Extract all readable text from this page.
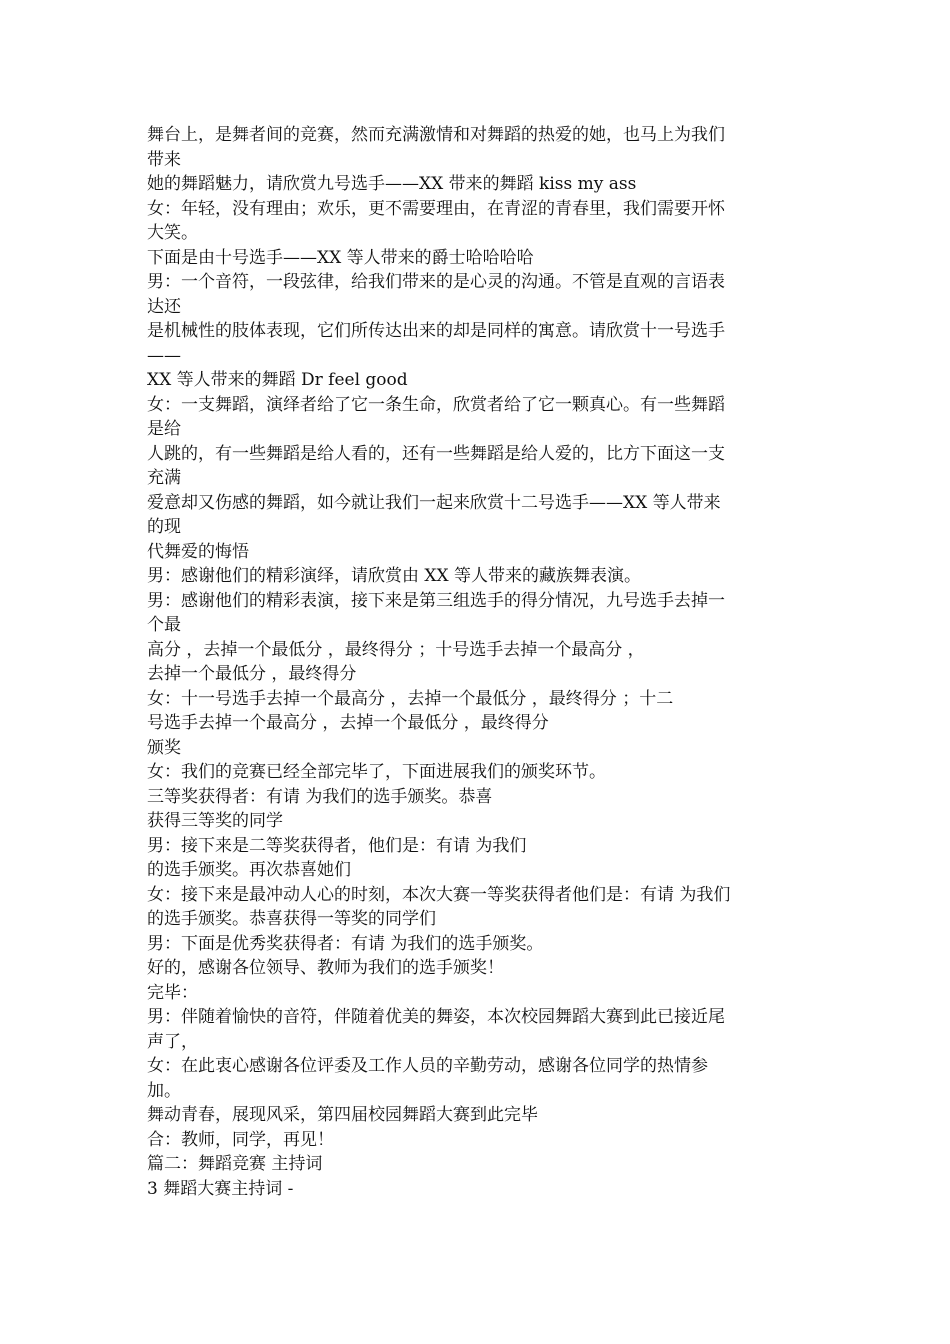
舞台上，是舞者间的竞赛，然而充满激情和对舞蹈的热爱的她，也马上为我们
带来
她的舞蹈魅力，请欣赏九号选手——XX 带来的舞蹈 kiss my ass
女：年轻，没有理由；欢乐，更不需要理由，在青涩的青春里，我们需要开怀
大笑。
下面是由十号选手——XX 等人带来的爵士哈哈哈哈
男：一个音符，一段弦律，给我们带来的是心灵的沟通。不管是直观的言语表
达还
是机械性的肢体表现，它们所传达出来的却是同样的寓意。请欣赏十一号选手
——
XX 等人带来的舞蹈 Dr feel good
女：一支舞蹈，演绎者给了它一条生命，欣赏者给了它一颗真心。有一些舞蹈
是给
人跳的，有一些舞蹈是给人看的，还有一些舞蹈是给人爱的，比方下面这一支
充满
爱意却又伤感的舞蹈，如今就让我们一起来欣赏十二号选手——XX 等人带来
的现
代舞爱的悔悟
男：感谢他们的精彩演绎，请欣赏由 XX 等人带来的藏族舞表演。
男：感谢他们的精彩表演，接下来是第三组选手的得分情况，九号选手去掉一
个最
高分 ，去掉一个最低分 ，最终得分 ；十号选手去掉一个最高分 ，
去掉一个最低分 ，最终得分
女：十一号选手去掉一个最高分 ，去掉一个最低分 ，最终得分 ；十二
号选手去掉一个最高分 ，去掉一个最低分 ，最终得分
颁奖
女：我们的竞赛已经全部完毕了，下面进展我们的颁奖环节。
三等奖获得者：有请 为我们的选手颁奖。恭喜
获得三等奖的同学
男：接下来是二等奖获得者，他们是：有请 为我们
的选手颁奖。再次恭喜她们
女：接下来是最冲动人心的时刻，本次大赛一等奖获得者他们是：有请 为我们
的选手颁奖。恭喜获得一等奖的同学们
男：下面是优秀奖获得者：有请 为我们的选手颁奖。
好的，感谢各位领导、教师为我们的选手颁奖！
完毕：
男：伴随着愉快的音符，伴随着优美的舞姿，本次校园舞蹈大赛到此已接近尾
声了，
女：在此衷心感谢各位评委及工作人员的辛勤劳动，感谢各位同学的热情参
加。
舞动青春，展现风采，第四届校园舞蹈大赛到此完毕
合：教师，同学，再见！
篇二：舞蹈竞赛 主持词
3 舞蹈大赛主持词 -
